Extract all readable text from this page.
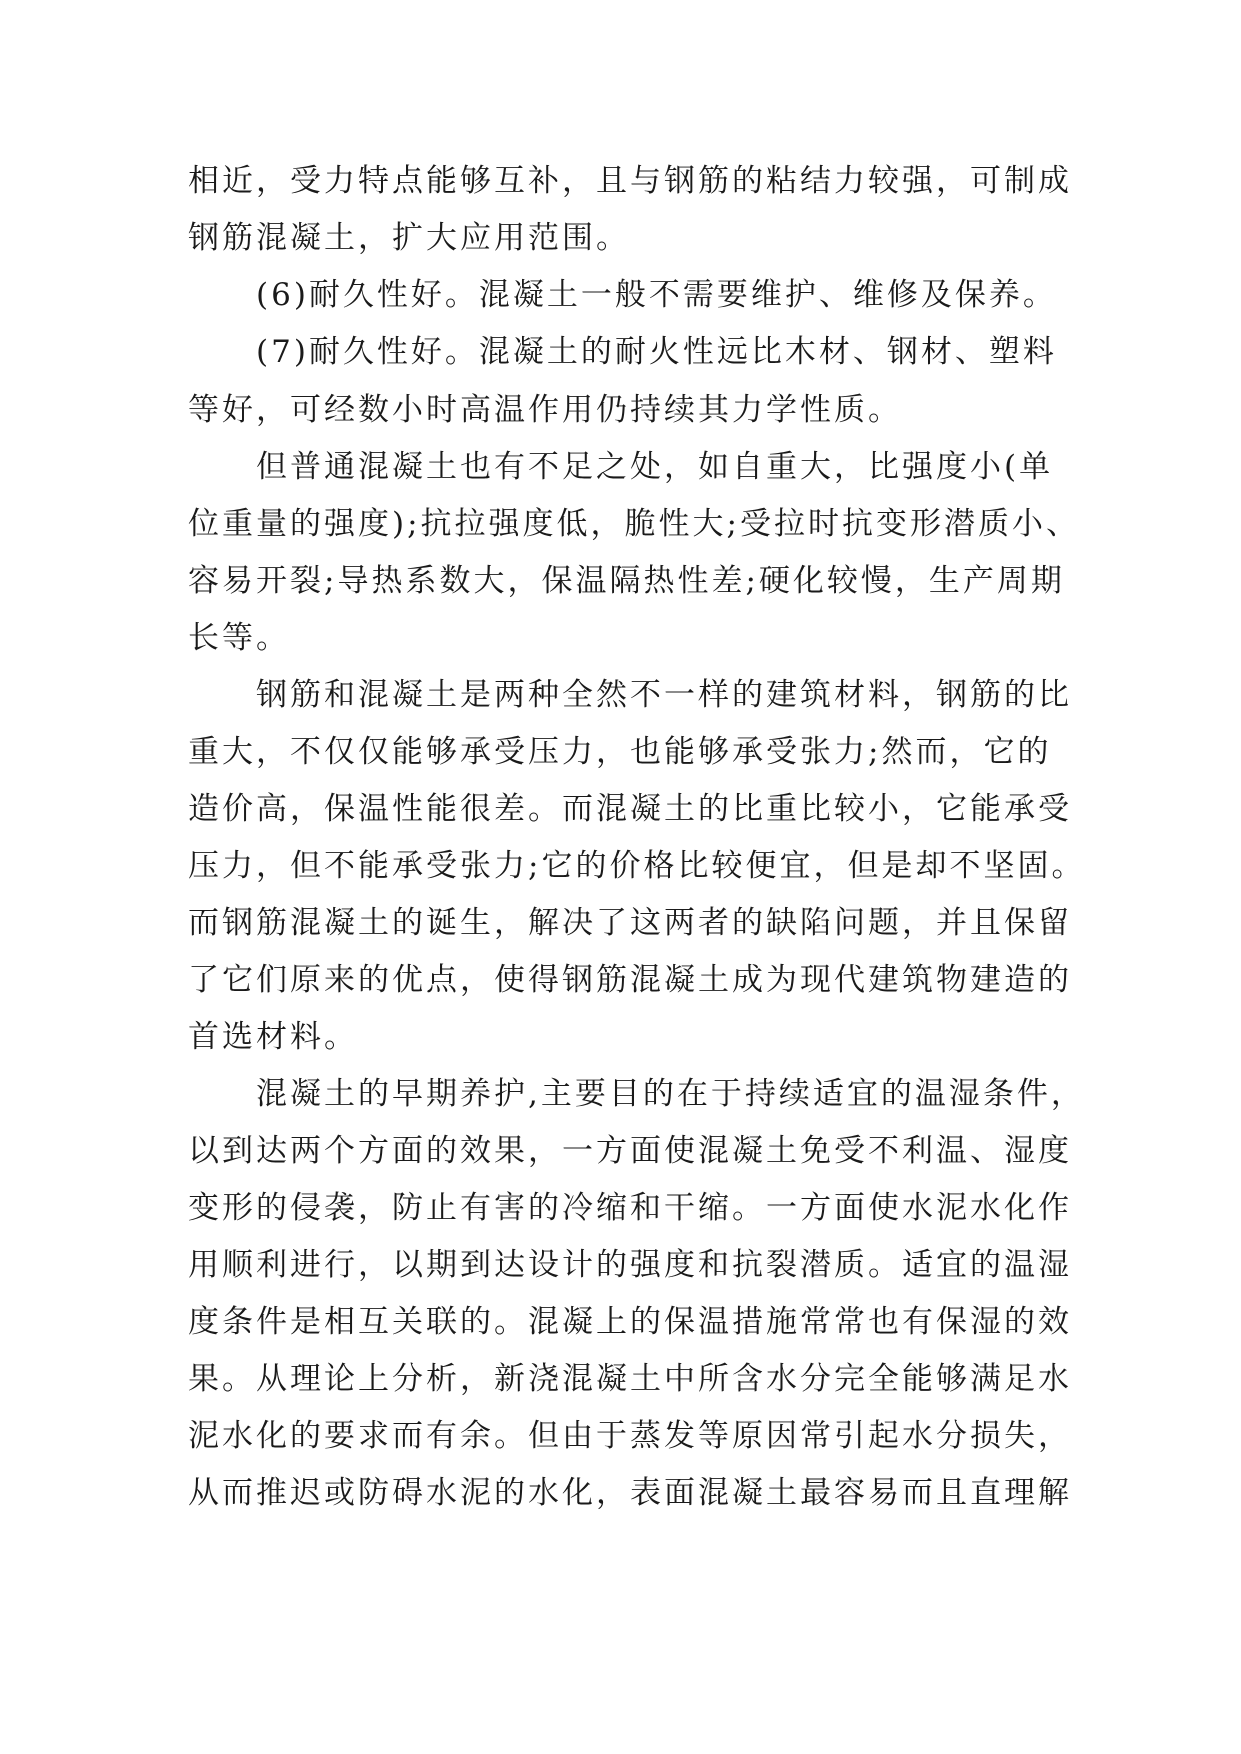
相近，受力特点能够互补，且与钢筋的粘结力较强，可制成
钢筋混凝土，扩大应用范围。
(6)耐久性好。混凝土一般不需要维护、维修及保养。
(7)耐久性好。混凝土的耐火性远比木材、钢材、塑料
等好，可经数小时高温作用仍持续其力学性质。
但普通混凝土也有不足之处，如自重大，比强度小(单
位重量的强度);抗拉强度低，脆性大;受拉时抗变形潜质小、
容易开裂;导热系数大，保温隔热性差;硬化较慢，生产周期
长等。
钢筋和混凝土是两种全然不一样的建筑材料，钢筋的比
重大，不仅仅能够承受压力，也能够承受张力;然而，它的
造价高，保温性能很差。而混凝土的比重比较小，它能承受
压力，但不能承受张力;它的价格比较便宜，但是却不坚固。
而钢筋混凝土的诞生，解决了这两者的缺陷问题，并且保留
了它们原来的优点，使得钢筋混凝土成为现代建筑物建造的
首选材料。
混凝土的早期养护,主要目的在于持续适宜的温湿条件，
以到达两个方面的效果，一方面使混凝土免受不利温、湿度
变形的侵袭，防止有害的冷缩和干缩。一方面使水泥水化作
用顺利进行，以期到达设计的强度和抗裂潜质。适宜的温湿
度条件是相互关联的。混凝上的保温措施常常也有保湿的效
果。从理论上分析，新浇混凝土中所含水分完全能够满足水
泥水化的要求而有余。但由于蒸发等原因常引起水分损失，
从而推迟或防碍水泥的水化，表面混凝土最容易而且直理解
